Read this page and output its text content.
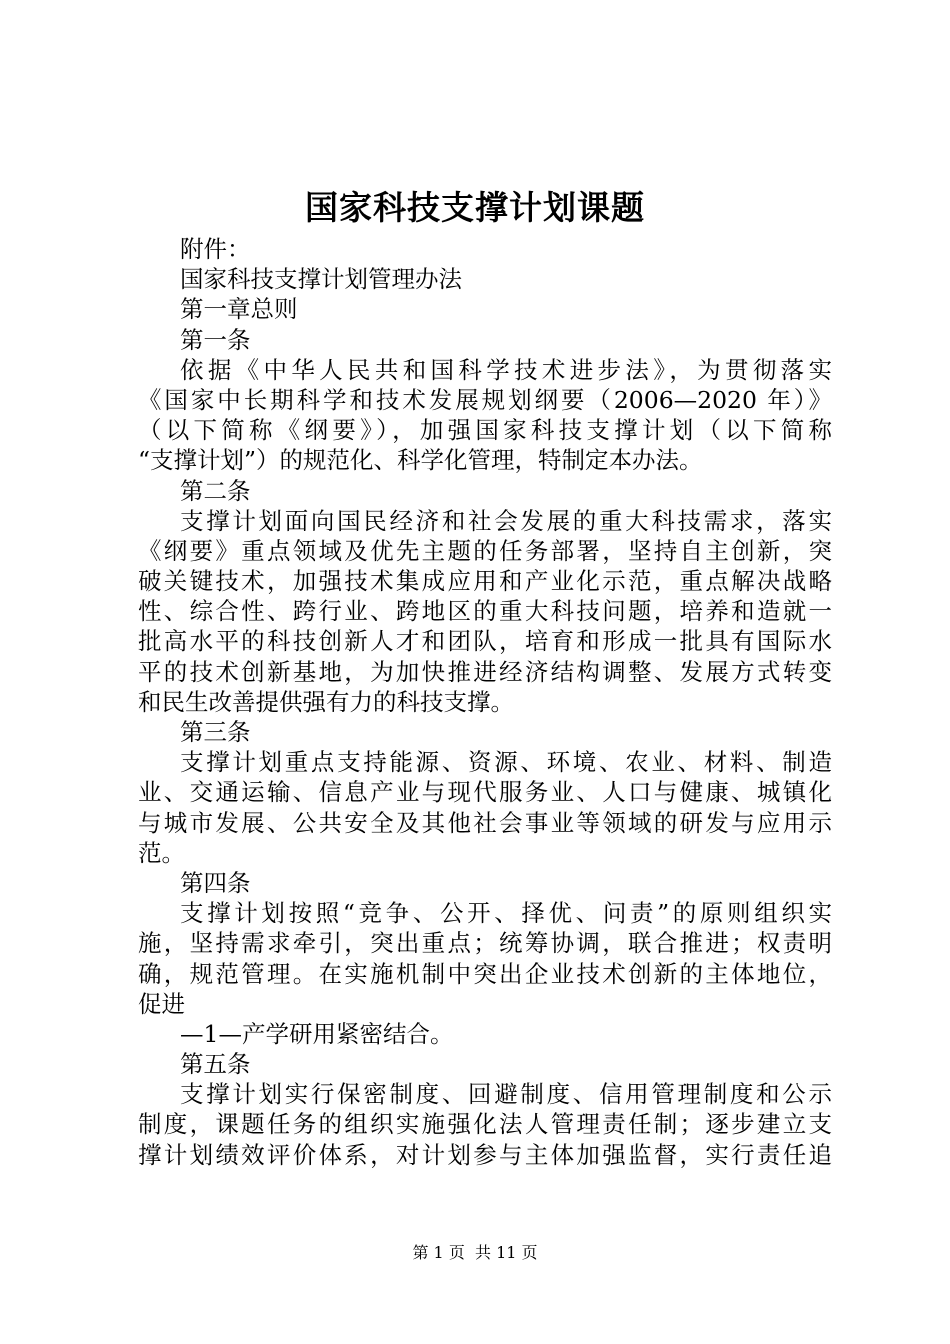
国家科技支撑计划课题
附件：
国家科技支撑计划管理办法
第一章总则
第一条
依据《中华人民共和国科学技术进步法》，为贯彻落实
《国家中长期科学和技术发展规划纲要（2006—2020 年）》
（以下简称《纲要》），加强国家科技支撑计划（以下简称
“支撑计划”）的规范化、科学化管理，特制定本办法。
第二条
支撑计划面向国民经济和社会发展的重大科技需求，落实
《纲要》重点领域及优先主题的任务部署，坚持自主创新，突
破关键技术，加强技术集成应用和产业化示范，重点解决战略
性、综合性、跨行业、跨地区的重大科技问题，培养和造就一
批高水平的科技创新人才和团队，培育和形成一批具有国际水
平的技术创新基地，为加快推进经济结构调整、发展方式转变
和民生改善提供强有力的科技支撑。
第三条
支撑计划重点支持能源、资源、环境、农业、材料、制造
业、交通运输、信息产业与现代服务业、人口与健康、城镇化
与城市发展、公共安全及其他社会事业等领域的研发与应用示
范。
第四条
支撑计划按照“竞争、公开、择优、问责”的原则组织实
施，坚持需求牵引，突出重点；统筹协调，联合推进；权责明
确，规范管理。在实施机制中突出企业技术创新的主体地位，
促进
—1—产学研用紧密结合。
第五条
支撑计划实行保密制度、回避制度、信用管理制度和公示
制度，课题任务的组织实施强化法人管理责任制；逐步建立支
撑计划绩效评价体系，对计划参与主体加强监督，实行责任追
第 1 页  共 11 页
